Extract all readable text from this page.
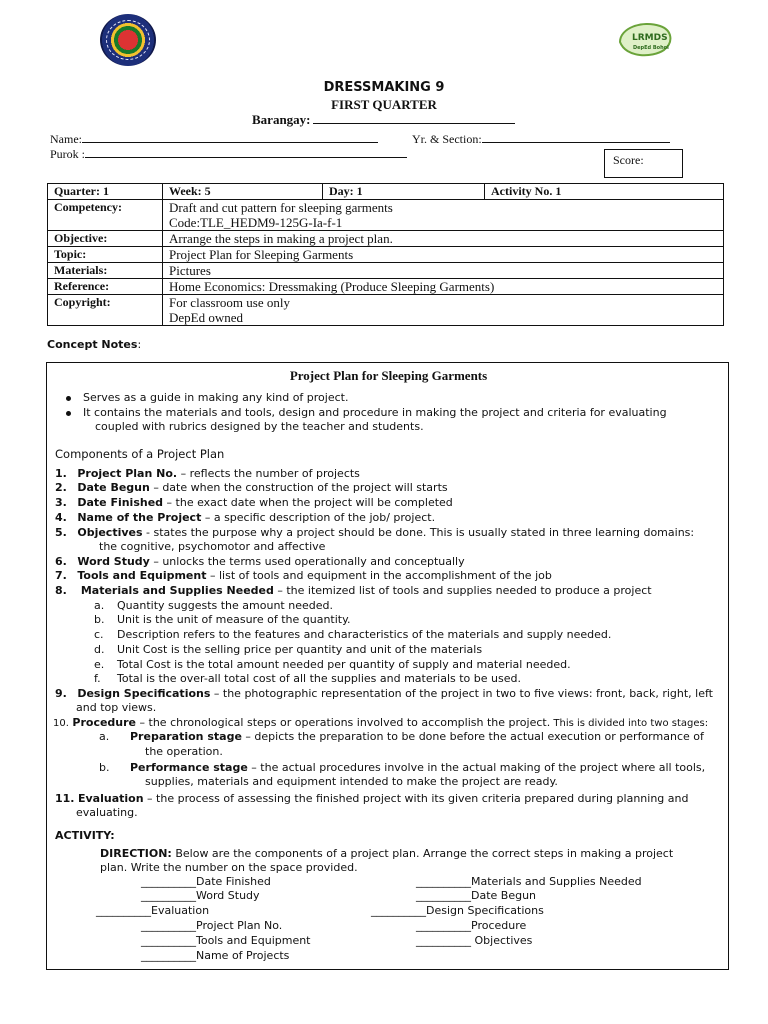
LRMDS
DepEd Bohol
DRESSMAKING 9
FIRST QUARTER
Barangay:
Name:	Yr. & Section:
Purok :	Score:
Quarter: 1	Week: 5	Day: 1	Activity No. 1
Competency:	Draft and cut pattern for sleeping garments
Code:TLE_HEDM9-125G-Ia-f-1		

Objective:	Arrange the steps in making a project plan.		
Topic:	Project Plan for Sleeping Garments		
Materials:	Pictures		
Reference:	Home Economics: Dressmaking (Produce Sleeping Garments)		
Copyright:	For classroom use only
DepEd owned		
Concept Notes:
Project Plan for Sleeping Garments
Serves as a guide in making any kind of project.
It contains the materials and tools, design and procedure in making the project and criteria for evaluating
coupled with rubrics designed by the teacher and students.
Components of a Project Plan
1. Project Plan No. – reflects the number of projects
2. Date Begun – date when the construction of the project will starts
3. Date Finished – the exact date when the project will be completed
4. Name of the Project – a specific description of the job/ project.
5. Objectives - states the purpose why a project should be done. This is usually stated in three learning domains:
the cognitive, psychomotor and affective
6. Word Study – unlocks the terms used operationally and conceptually
7. Tools and Equipment – list of tools and equipment in the accomplishment of the job
8. Materials and Supplies Needed – the itemized list of tools and supplies needed to produce a project
a. Quantity suggests the amount needed.
b. Unit is the unit of measure of the quantity.
c. Description refers to the features and characteristics of the materials and supply needed.
d. Unit Cost is the selling price per quantity and unit of the materials
e. Total Cost is the total amount needed per quantity of supply and material needed.
f. Total is the over-all total cost of all the supplies and materials to be used.
9. Design Specifications – the photographic representation of the project in two to five views: front, back, right, left
and top views.
10. Procedure – the chronological steps or operations involved to accomplish the project. This is divided into two stages:
a. Preparation stage – depicts the preparation to be done before the actual execution or performance of
the operation.
b. Performance stage – the actual procedures involve in the actual making of the project where all tools,
supplies, materials and equipment intended to make the project are ready.
11. Evaluation – the process of assessing the finished project with its given criteria prepared during planning and
evaluating.
ACTIVITY:
DIRECTION: Below are the components of a project plan. Arrange the correct steps in making a project
plan. Write the number on the space provided.
__________Date Finished
__________Word Study
__________Evaluation
__________Project Plan No.
__________Tools and Equipment
__________Name of Projects
__________Materials and Supplies Needed
__________Date Begun
__________Design Specifications
__________Procedure
__________ Objectives
